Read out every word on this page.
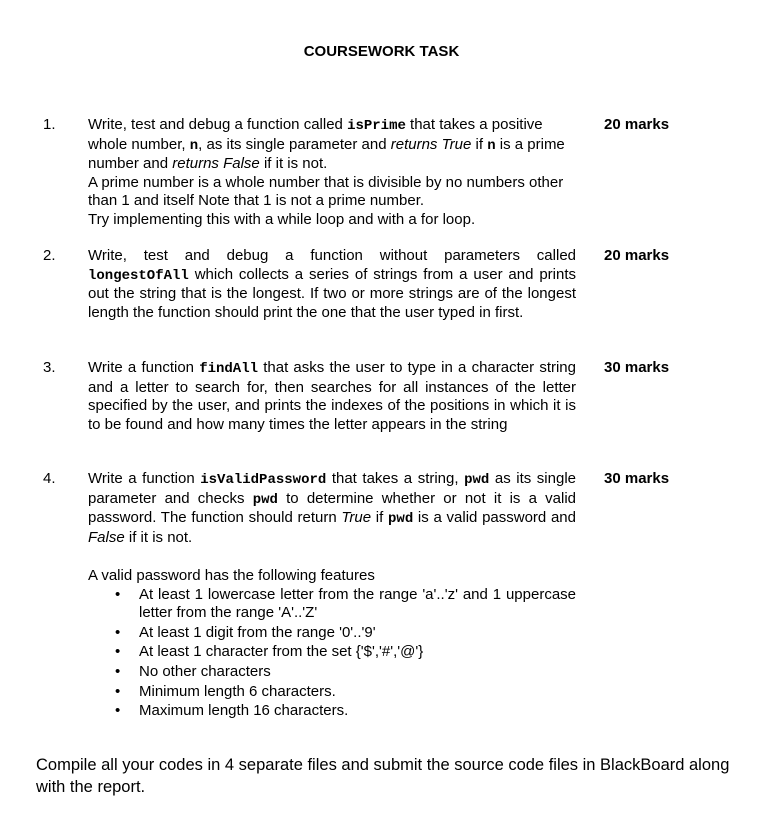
COURSEWORK TASK
1.	20 marks

Write, test and debug a function called isPrime that takes a positive whole number, n, as its single parameter and returns True if n is a prime number and returns False if it is not.

A prime number is a whole number that is divisible by no numbers other than 1 and itself Note that 1 is not a prime number.

Try implementing this with a while loop and with a for loop.

2.	20 marks

Write, test and debug a function without parameters called longestOfAll which collects a series of strings from a user and prints out the string that is the longest. If two or more strings are of the longest length the function should print the one that the user typed in first.

3.	30 marks

Write a function findAll that asks the user to type in a character string and a letter to search for, then searches for all instances of the letter specified by the user, and prints the indexes of the positions in which it is to be found and how many times the letter appears in the string

4.	30 marks

Write a function isValidPassword that takes a string, pwd as its single parameter and checks pwd to determine whether or not it is a valid password. The function should return True if pwd is a valid password and False if it is not.

A valid password has the following features

• At least 1 lowercase letter from the range 'a'..'z' and 1 uppercase letter from the range 'A'..'Z'
• At least 1 digit from the range '0'..'9'
• At least 1 character from the set {'$','#','@'}
• No other characters
• Minimum length 6 characters.
• Maximum length 16 characters.
Compile all your codes in 4 separate files and submit the source code files in BlackBoard along with the report.
